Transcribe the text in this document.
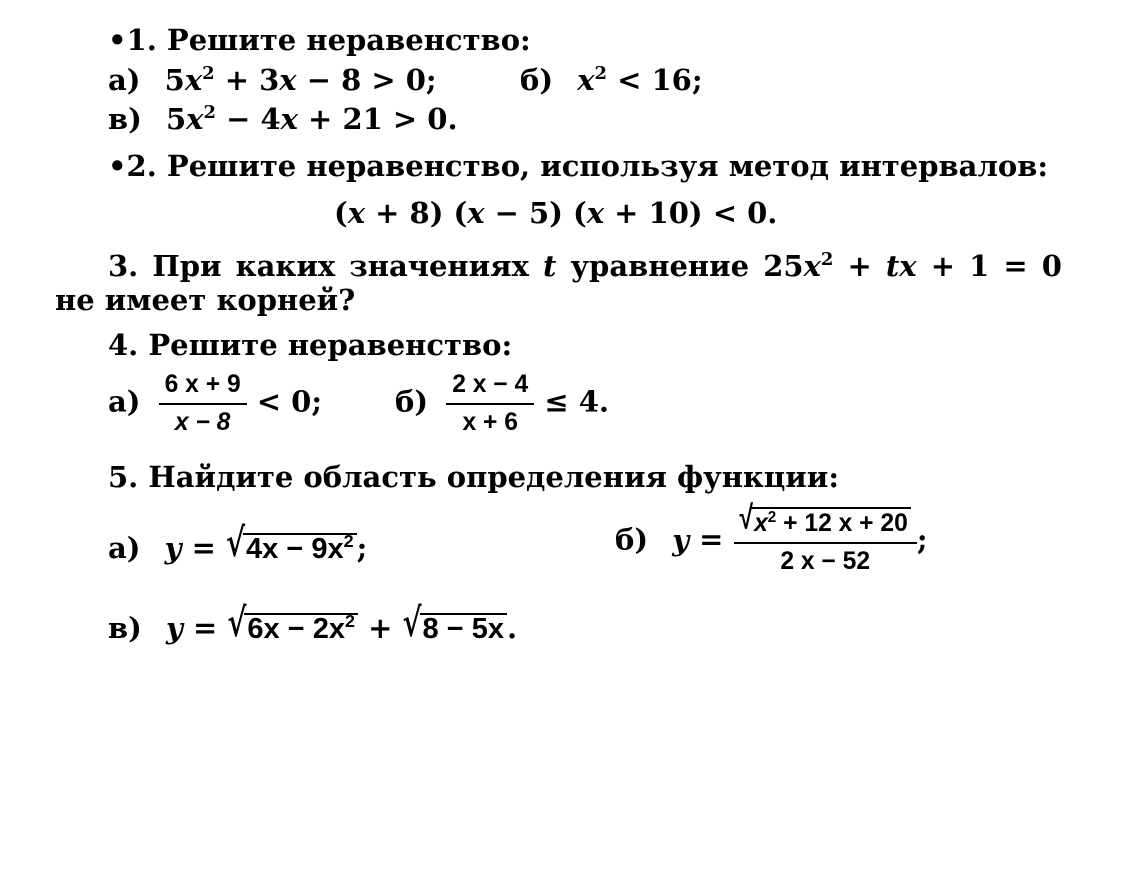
•1. Решите неравенство:
а) $5x^2 + 3x - 8 > 0$;	б) $x^2 < 16$;
в) $5x^2 - 4x + 21 > 0$.
•2. Решите неравенство, используя метод интервалов:
(x + 8) (x − 5) (x + 10) < 0.
3. При каких значениях t уравнение $25x^2$ + tx + 1 = 0
не имеет корней?
4. Решите неравенство:
$а) \frac{6 x + 9}{x - 8} < 0$;	$б) \frac{2 x - 4}{x + 6} \le 4$.
5. Найдите область определения функции:
а) $y = √4x - 9x^2$ ;	б) $y = \frac{√x^2 + 12 x + 20}{2 x - 52}$ ;
в) $y = √6x - 2x^2 + √8 - 5x$ .
